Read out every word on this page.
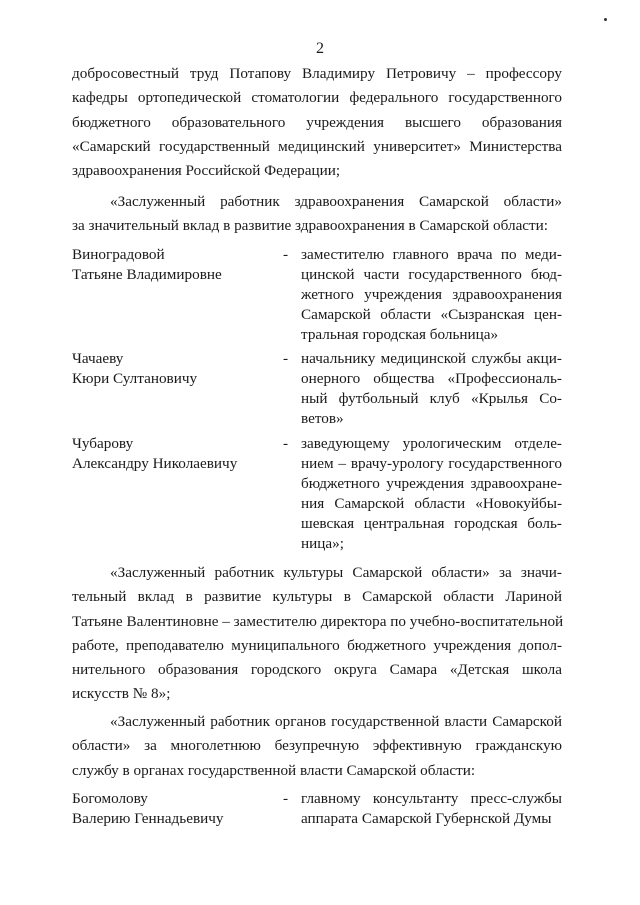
2
добросовестный труд Потапову Владимиру Петровичу – профессору
кафедры ортопедической стоматологии федерального государственного
бюджетного образовательного учреждения высшего образования
«Самарский государственный медицинский университет» Министерства
здравоохранения Российской Федерации;
«Заслуженный работник здравоохранения Самарской области»
за значительный вклад в развитие здравоохранения в Самарской области:
Виноградовой
Татьяне Владимировне
- заместителю главного врача по меди-
цинской части государственного бюд-
жетного учреждения здравоохранения
Самарской области «Сызранская цен-
тральная городская больница»
Чачаеву
Кюри Султановичу
- начальнику медицинской службы акци-
онерного общества «Профессиональ-
ный футбольный клуб «Крылья Со-
ветов»
Чубарову
Александру Николаевичу
- заведующему урологическим отделе-
нием – врачу-урологу государственного
бюджетного учреждения здравоохране-
ния Самарской области «Новокуйбы-
шевская центральная городская боль-
ница»;
«Заслуженный работник культуры Самарской области» за значи-
тельный вклад в развитие культуры в Самарской области Лариной
Татьяне Валентиновне – заместителю директора по учебно-воспитательной
работе, преподавателю муниципального бюджетного учреждения допол-
нительного образования городского округа Самара «Детская школа
искусств № 8»;
«Заслуженный работник органов государственной власти Самарской
области» за многолетнюю безупречную эффективную гражданскую
службу в органах государственной власти Самарской области:
Богомолову
Валерию Геннадьевичу
- главному консультанту пресс-службы
аппарата Самарской Губернской Думы
